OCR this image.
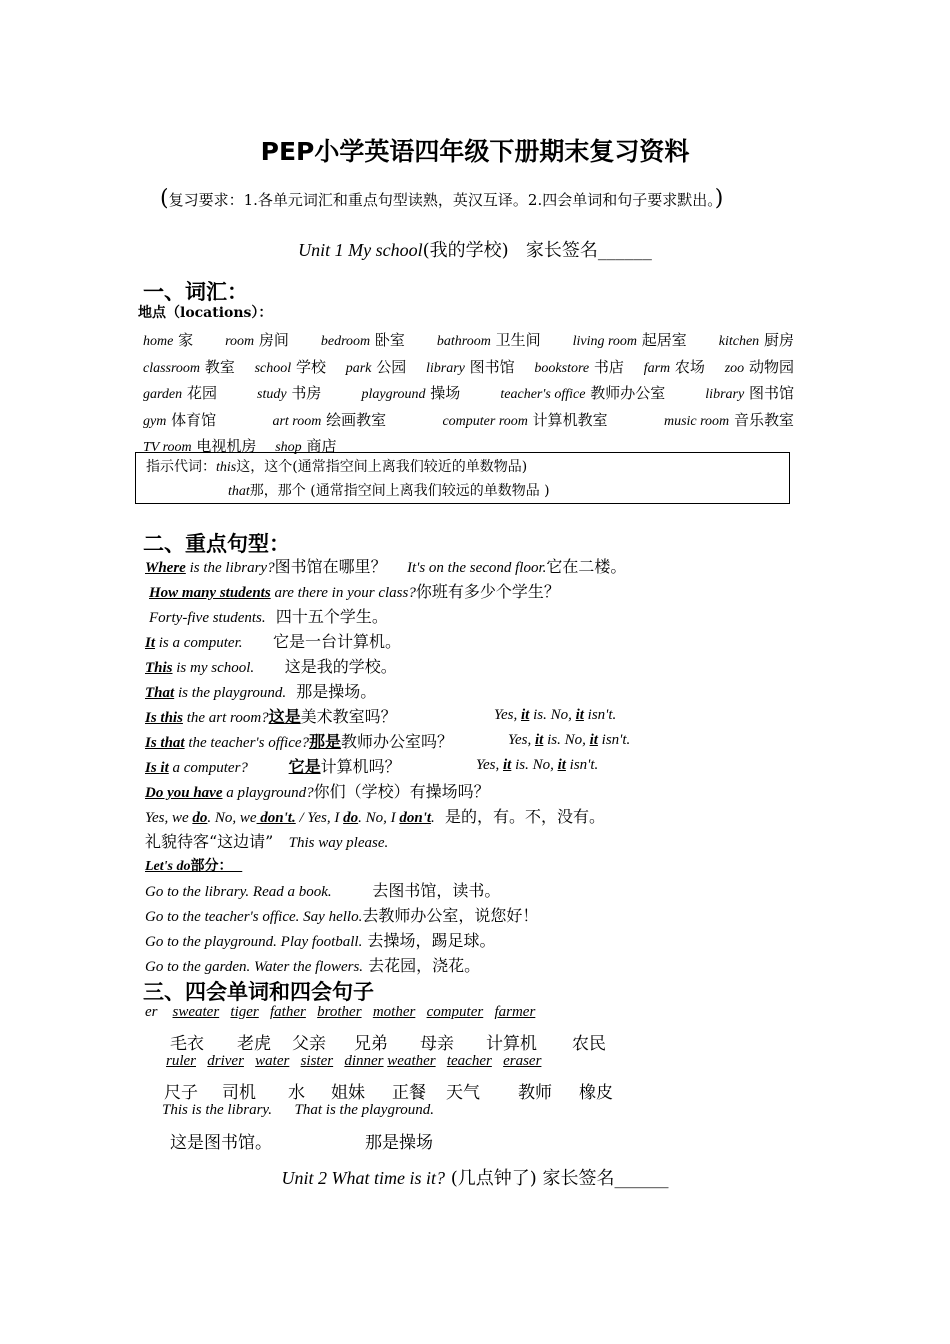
PEP小学英语四年级下册期末复习资料
(复习要求：1.各单元词汇和重点句型读熟，英汉互译。2.四会单词和句子要求默出。)
Unit 1 My school(我的学校) 家长签名______
一、词汇：
地点（locations）：
home 家 room 房间 bedroom 卧室 bathroom 卫生间 living room 起居室 kitchen 厨房 classroom 教室 school 学校 park 公园 library 图书馆 bookstore 书店 farm 农场 zoo 动物园 garden 花园	study 书房	playground 操场	teacher's office 教师办公室	library 图书馆 gym 体育馆	art room 绘画教室	computer room 计算机教室	music room 音乐教室 TV room 电视机房 shop 商店
指示代词：this这，这个(通常指空间上离我们较近的单数物品)
that那，那个 (通常指空间上离我们较远的单数物品 )
二、重点句型：
Where is the library?图书馆在哪里？ It's on the second floor.它在二楼。
How many students are there in your class?你班有多少个学生？
Forty-five students. 四十五个学生。
It is a computer. 它是一台计算机。
This is my school. 这是我的学校。
That is the playground. 那是操场。
Is this the art room?这是美术教室吗？	Yes, it is. No, it isn't.
Is that the teacher's office?那是教师办公室吗？	Yes, it is. No, it isn't.
Is it a computer?	它是计算机吗？	Yes, it is. No, it isn't.
Do you have a playground?你们（学校）有操场吗？
Yes, we do. No, we don't. / Yes, I do. No, I don't. 是的，有。不，没有。
礼貌待客“这边请” This way please.
Let's do部分：
Go to the library. Read a book.	去图书馆，读书。
Go to the teacher's office. Say hello.去教师办公室，说您好！
Go to the playground. Play football. 去操场，踢足球。
Go to the garden. Water the flowers. 去花园，浇花。
三、四会单词和四会句子
er sweater tiger father brother mother computer farmer
毛衣 老虎 父亲 兄弟 母亲 计算机 农民
ruler driver water sister dinner weather teacher eraser
尺子 司机 水 姐妹 正餐 天气 教师 橡皮
This is the library. That is the playground.
这是图书馆。	那是操场
Unit 2 What time is it? (几点钟了) 家长签名______
